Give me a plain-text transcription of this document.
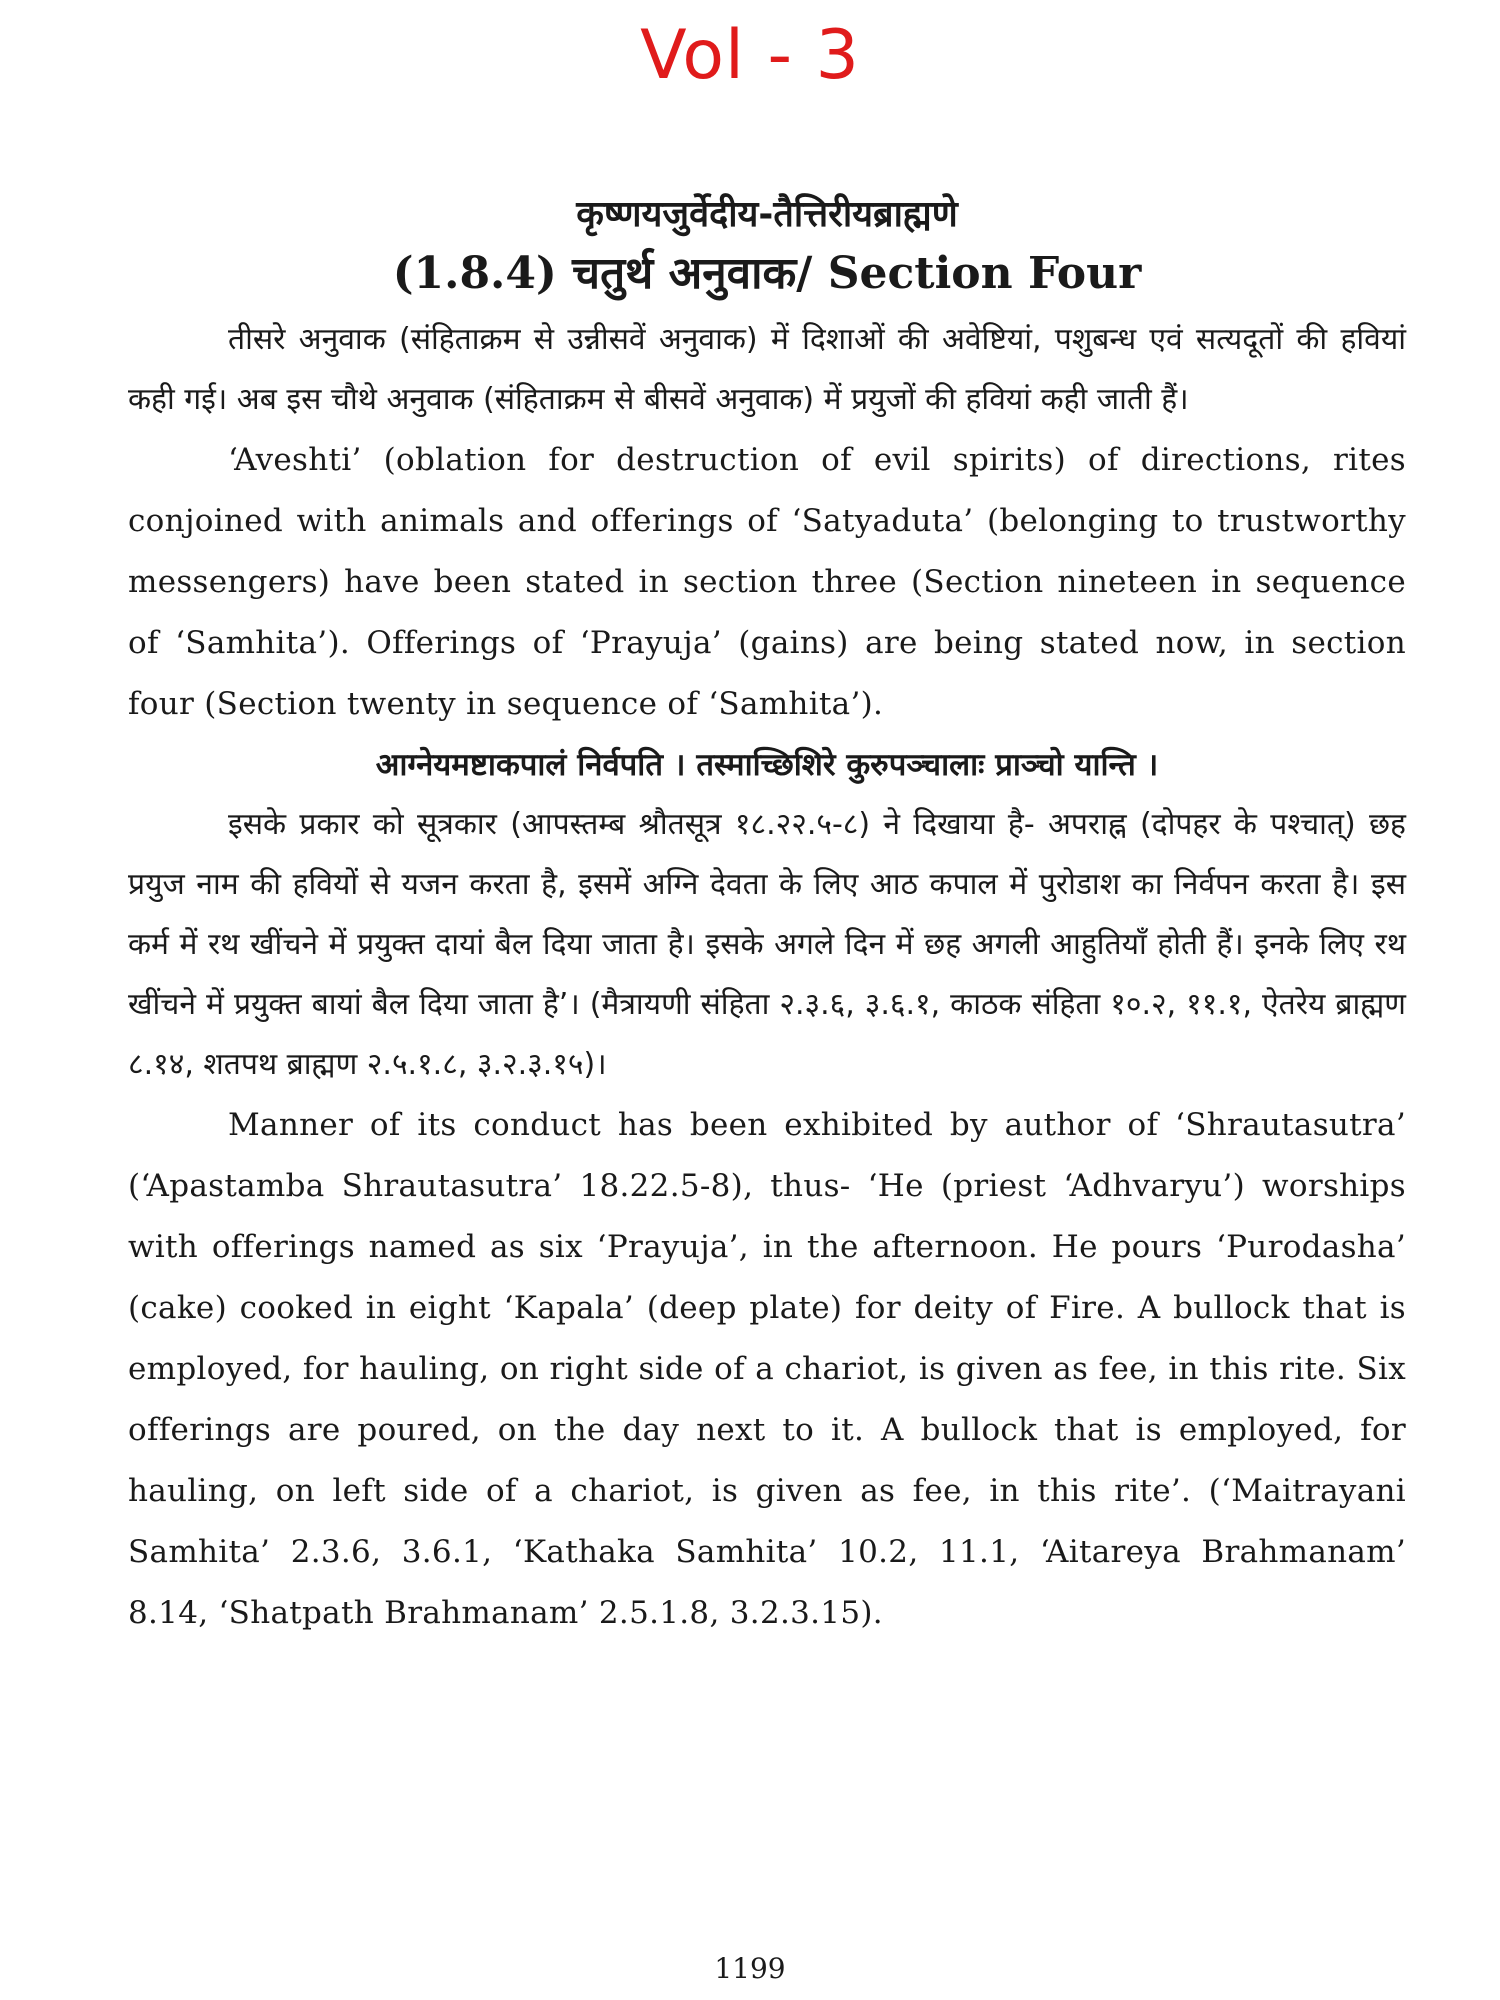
Vol - 3
कृष्णयजुर्वेदीय-तैत्तिरीयब्राह्मणे
(1.8.4) चतुर्थ अनुवाक/ Section Four

तीसरे अनुवाक (संहिताक्रम से उन्नीसवें अनुवाक) में दिशाओं की अवेष्टियां, पशुबन्ध एवं सत्यदूतों की हवियां कही गई। अब इस चौथे अनुवाक (संहिताक्रम से बीसवें अनुवाक) में प्रयुजों की हवियां कही जाती हैं।

‘Aveshti’ (oblation for destruction of evil spirits) of directions, rites conjoined with animals and offerings of ‘Satyaduta’ (belonging to trustworthy messengers) have been stated in section three (Section nineteen in sequence of ‘Samhita’). Offerings of ‘Prayuja’ (gains) are being stated now, in section four (Section twenty in sequence of ‘Samhita’).

आग्नेयमष्टाकपालं निर्वपति । तस्माच्छिशिरे कुरुपञ्चालाः प्राञ्चो यान्ति ।

इसके प्रकार को सूत्रकार (आपस्तम्ब श्रौतसूत्र १८.२२.५-८) ने दिखाया है- अपराह्न (दोपहर के पश्चात्) छह प्रयुज नाम की हवियों से यजन करता है, इसमें अग्नि देवता के लिए आठ कपाल में पुरोडाश का निर्वपन करता है। इस कर्म में रथ खींचने में प्रयुक्त दायां बैल दिया जाता है। इसके अगले दिन में छह अगली आहुतियाँ होती हैं। इनके लिए रथ खींचने में प्रयुक्त बायां बैल दिया जाता है’। (मैत्रायणी संहिता २.३.६, ३.६.१, काठक संहिता १०.२, ११.१, ऐतरेय ब्राह्मण ८.१४, शतपथ ब्राह्मण २.५.१.८, ३.२.३.१५)।

Manner of its conduct has been exhibited by author of ‘Shrautasutra’ (‘Apastamba Shrautasutra’ 18.22.5-8), thus- ‘He (priest ‘Adhvaryu’) worships with offerings named as six ‘Prayuja’, in the afternoon. He pours ‘Purodasha’ (cake) cooked in eight ‘Kapala’ (deep plate) for deity of Fire. A bullock that is employed, for hauling, on right side of a chariot, is given as fee, in this rite. Six offerings are poured, on the day next to it. A bullock that is employed, for hauling, on left side of a chariot, is given as fee, in this rite’. (‘Maitrayani Samhita’ 2.3.6, 3.6.1, ‘Kathaka Samhita’ 10.2, 11.1, ‘Aitareya Brahmanam’ 8.14, ‘Shatpath Brahmanam’ 2.5.1.8, 3.2.3.15).

1199
